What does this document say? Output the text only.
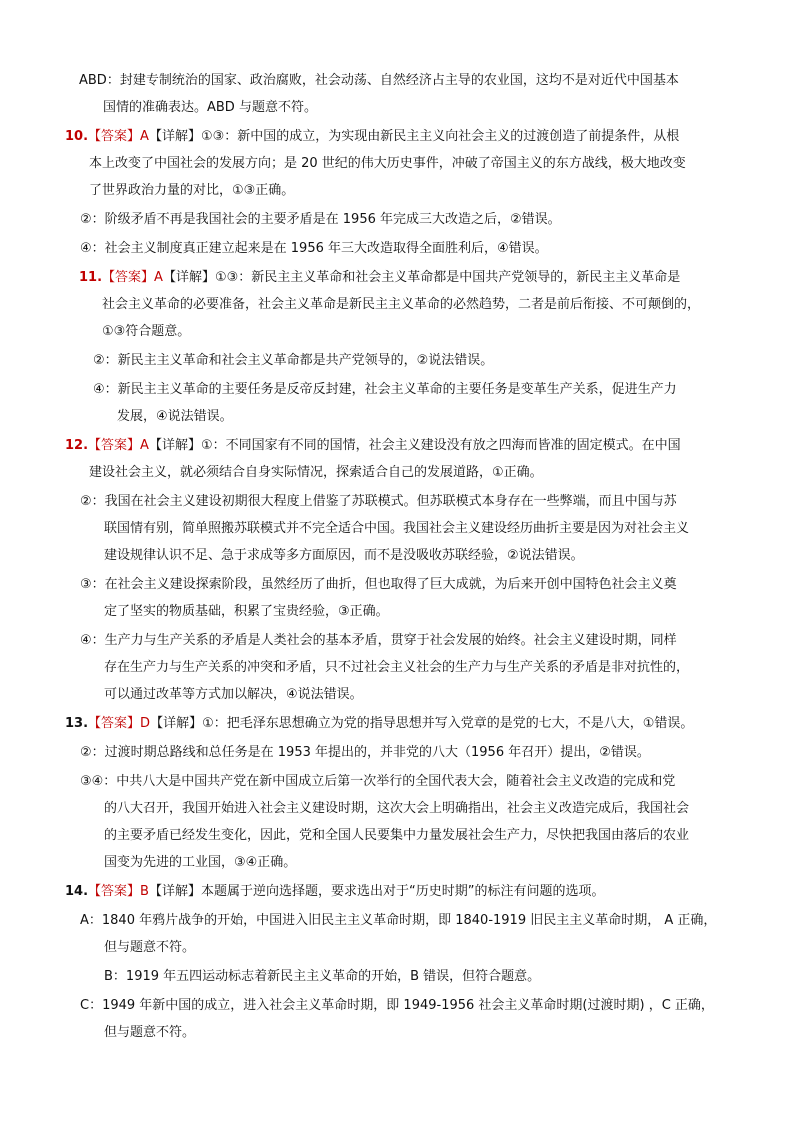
ABD：封建专制统治的国家、政治腐败，社会动荡、自然经济占主导的农业国，这均不是对近代中国基本
国情的准确表达。ABD 与题意不符。
10.【答案】A【详解】①③：新中国的成立，为实现由新民主主义向社会主义的过渡创造了前提条件，从根
本上改变了中国社会的发展方向；是 20 世纪的伟大历史事件，冲破了帝国主义的东方战线，极大地改变
了世界政治力量的对比，①③正确。
②：阶级矛盾不再是我国社会的主要矛盾是在 1956 年完成三大改造之后，②错误。
④：社会主义制度真正建立起来是在 1956 年三大改造取得全面胜利后，④错误。
11.【答案】A【详解】①③：新民主主义革命和社会主义革命都是中国共产党领导的，新民主主义革命是
社会主义革命的必要准备，社会主义革命是新民主主义革命的必然趋势，二者是前后衔接、不可颠倒的，
①③符合题意。
②：新民主主义革命和社会主义革命都是共产党领导的，②说法错误。
④：新民主主义革命的主要任务是反帝反封建，社会主义革命的主要任务是变革生产关系，促进生产力
发展，④说法错误。
12.【答案】A【详解】①：不同国家有不同的国情，社会主义建设没有放之四海而皆准的固定模式。在中国
建设社会主义，就必须结合自身实际情况，探索适合自己的发展道路，①正确。
②：我国在社会主义建设初期很大程度上借鉴了苏联模式。但苏联模式本身存在一些弊端，而且中国与苏
联国情有别，简单照搬苏联模式并不完全适合中国。我国社会主义建设经历曲折主要是因为对社会主义
建设规律认识不足、急于求成等多方面原因，而不是没吸收苏联经验，②说法错误。
③：在社会主义建设探索阶段，虽然经历了曲折，但也取得了巨大成就，为后来开创中国特色社会主义奠
定了坚实的物质基础，积累了宝贵经验，③正确。
④：生产力与生产关系的矛盾是人类社会的基本矛盾，贯穿于社会发展的始终。社会主义建设时期，同样
存在生产力与生产关系的冲突和矛盾，只不过社会主义社会的生产力与生产关系的矛盾是非对抗性的，
可以通过改革等方式加以解决，④说法错误。
13.【答案】D【详解】①：把毛泽东思想确立为党的指导思想并写入党章的是党的七大，不是八大，①错误。
②：过渡时期总路线和总任务是在 1953 年提出的，并非党的八大（1956 年召开）提出，②错误。
③④：中共八大是中国共产党在新中国成立后第一次举行的全国代表大会，随着社会主义改造的完成和党
的八大召开，我国开始进入社会主义建设时期，这次大会上明确指出，社会主义改造完成后，我国社会
的主要矛盾已经发生变化，因此，党和全国人民要集中力量发展社会生产力，尽快把我国由落后的农业
国变为先进的工业国，③④正确。
14.【答案】B【详解】本题属于逆向选择题，要求选出对于“历史时期”的标注有问题的选项。
A：1840 年鸦片战争的开始，中国进入旧民主主义革命时期，即 1840-1919 旧民主主义革命时期， A 正确，
但与题意不符。
B：1919 年五四运动标志着新民主主义革命的开始，B 错误，但符合题意。
C：1949 年新中国的成立，进入社会主义革命时期，即 1949-1956 社会主义革命时期(过渡时期) ，C 正确，
但与题意不符。
